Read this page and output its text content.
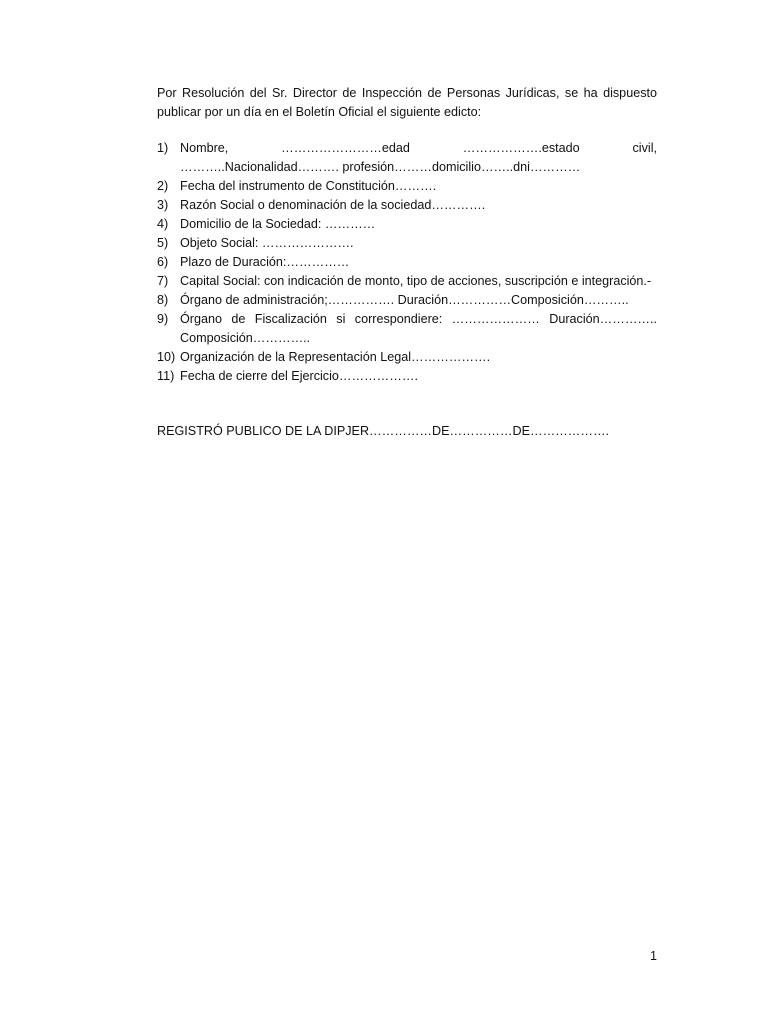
Por Resolución del Sr. Director de Inspección de Personas Jurídicas, se ha dispuesto publicar por un día en el Boletín Oficial el siguiente edicto:

1) Nombre, ……………………edad ……………….estado civil, ………..Nacionalidad………. profesión………domicilio……..dni…………
2) Fecha del instrumento de Constitución……….
3) Razón Social o denominación de la sociedad………….
4) Domicilio de la Sociedad: …………
5) Objeto Social: ………………….
6) Plazo de Duración:……………
7) Capital Social: con indicación de monto, tipo de acciones, suscripción e integración.-
8) Órgano de administración;……………. Duración……………Composición………..
9) Órgano de Fiscalización si correspondiere: ………………… Duración………….. Composición…………..
10) Organización de la Representación Legal……………….
11) Fecha de cierre del Ejercicio……………….

REGISTRÓ PUBLICO DE LA DIPJER……………DE……………DE……………….

1
